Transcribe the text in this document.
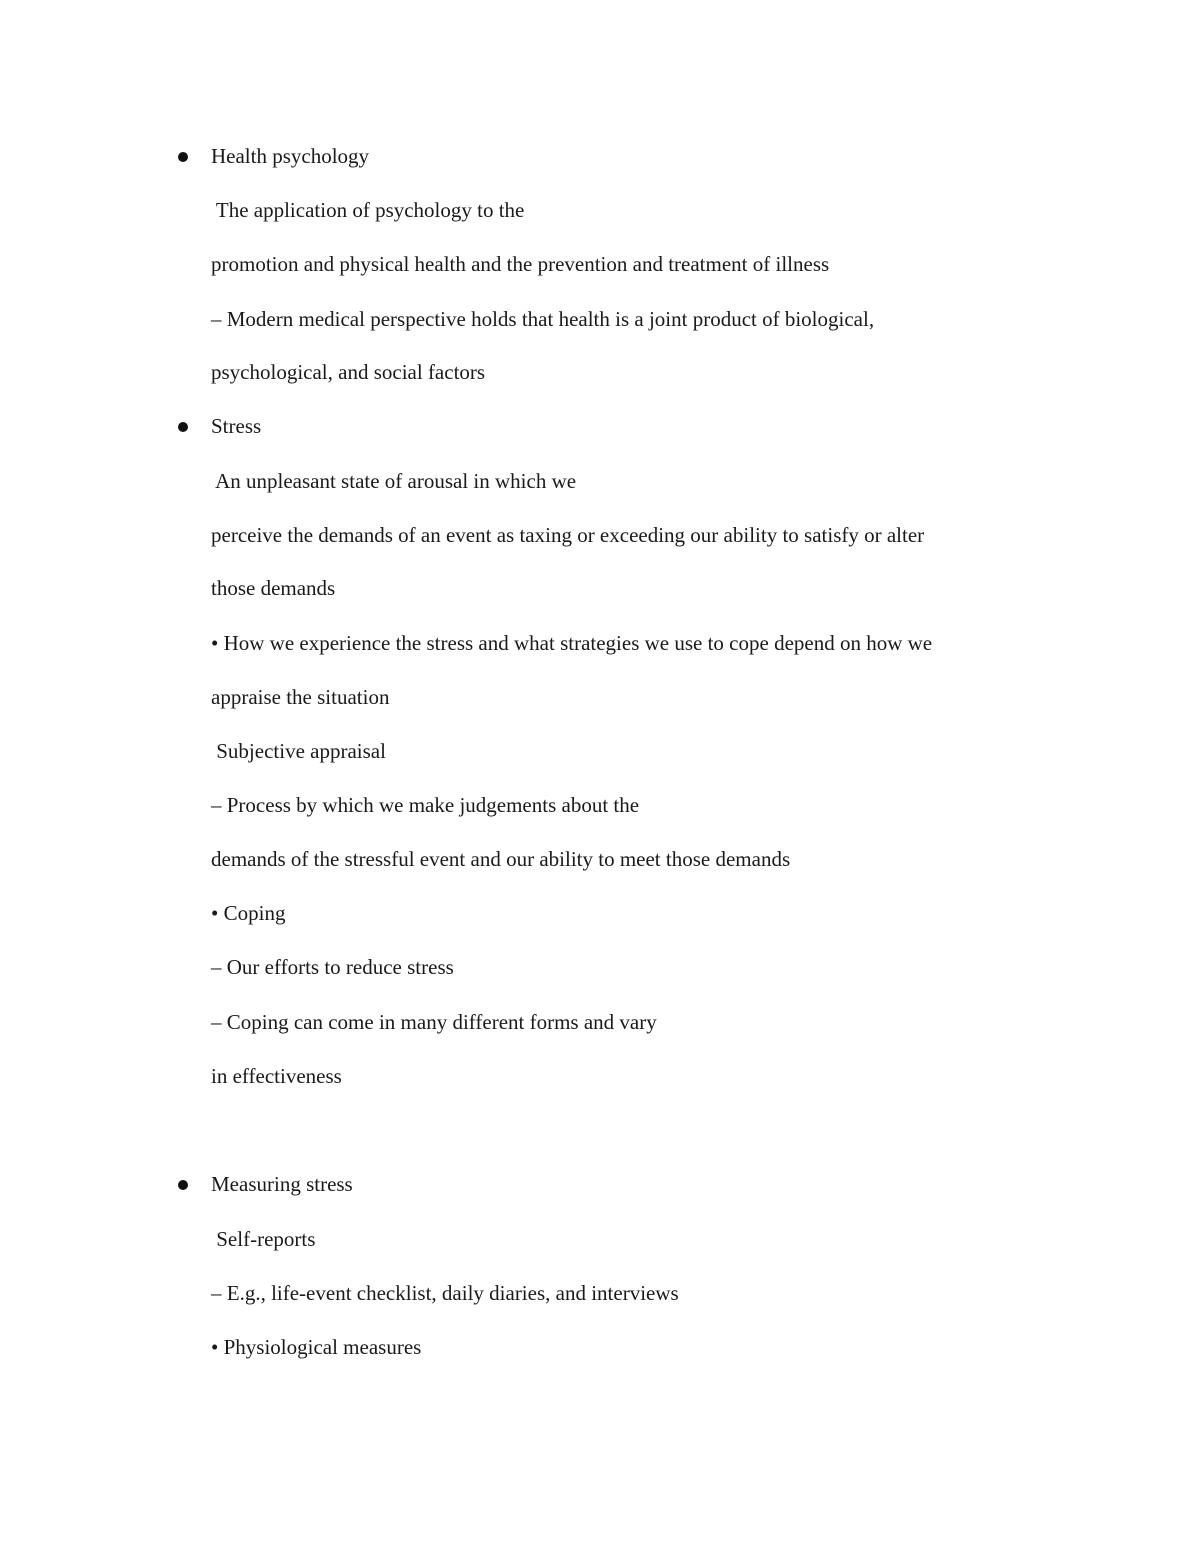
Health psychology
The application of psychology to the
promotion and physical health and the prevention and treatment of illness
– Modern medical perspective holds that health is a joint product of biological,
psychological, and social factors
Stress
An unpleasant state of arousal in which we
perceive the demands of an event as taxing or exceeding our ability to satisfy or alter
those demands
• How we experience the stress and what strategies we use to cope depend on how we
appraise the situation
Subjective appraisal
– Process by which we make judgements about the
demands of the stressful event and our ability to meet those demands
• Coping
– Our efforts to reduce stress
– Coping can come in many different forms and vary
in effectiveness
Measuring stress
Self-reports
– E.g., life-event checklist, daily diaries, and interviews
• Physiological measures
